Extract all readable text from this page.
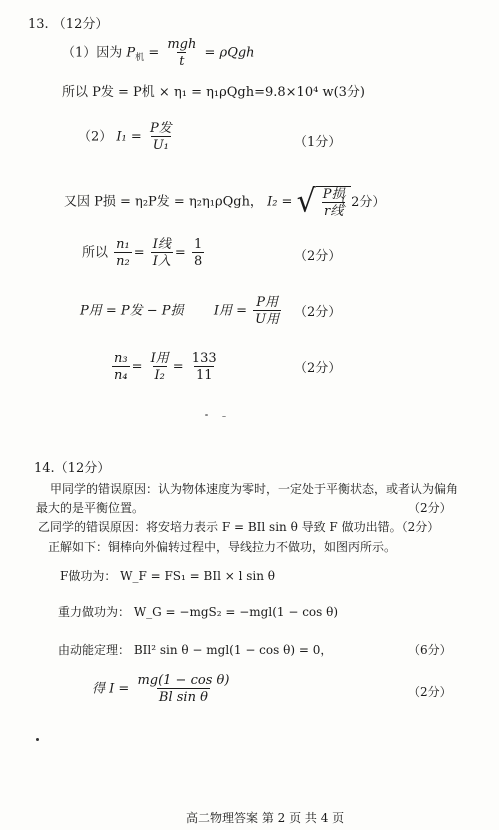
13. （12分）
（1）因为 $P_机 = \frac{\text{mgh}}{t} = \rho Qgh$
所以 P发 = P机 × η₁ = η₁ρQgh=9.8×10⁴ w(3分)
（2） $I_1 = \frac{\text{P发}}{\text{U₁}}$	（1分）
又因 P损 = η₂P发 = η₂η₁ρQgh， I₂ = √ $\frac{\text{P损}}{\text{r线}}$
（ 2分）
所以 $\frac{\text{n₁}}{\text{n₂}} = \frac{\text{I线}}{\text{I入}} = \frac{1}{8}$	（2分）
P用 = P发 − P损 I用 = $\frac{\text{P用}}{\text{U用}} (2$分）
$\frac{\text{n₃}}{\text{n₄}} = \frac{\text{I用}}{\text{I₂}} = \frac{133}{11}$	（2分）
14.（12分）
甲同学的错误原因：认为物体速度为零时，一定处于平衡状态，或者认为偏角
最大的是平衡位置。	（2分）
乙同学的错误原因：将安培力表示 F = BIl sin θ 导致 F 做功出错。（2分）
正解如下：铜棒向外偏转过程中，导线拉力不做功，如图丙所示。
F做功为： W_F = FS₁ = BIl × l sin θ
重力做功为： W_G = −mgS₂ = −mgl(1 − cos θ)
由动能定理： BIl² sin θ − mgl(1 − cos θ) = 0，	（6分）
得 $I = \frac{\text{mg(1 − cos θ)}}{\text{Bl sin θ}}$	（2分）
高二物理答案 第 2 页 共 4 页
